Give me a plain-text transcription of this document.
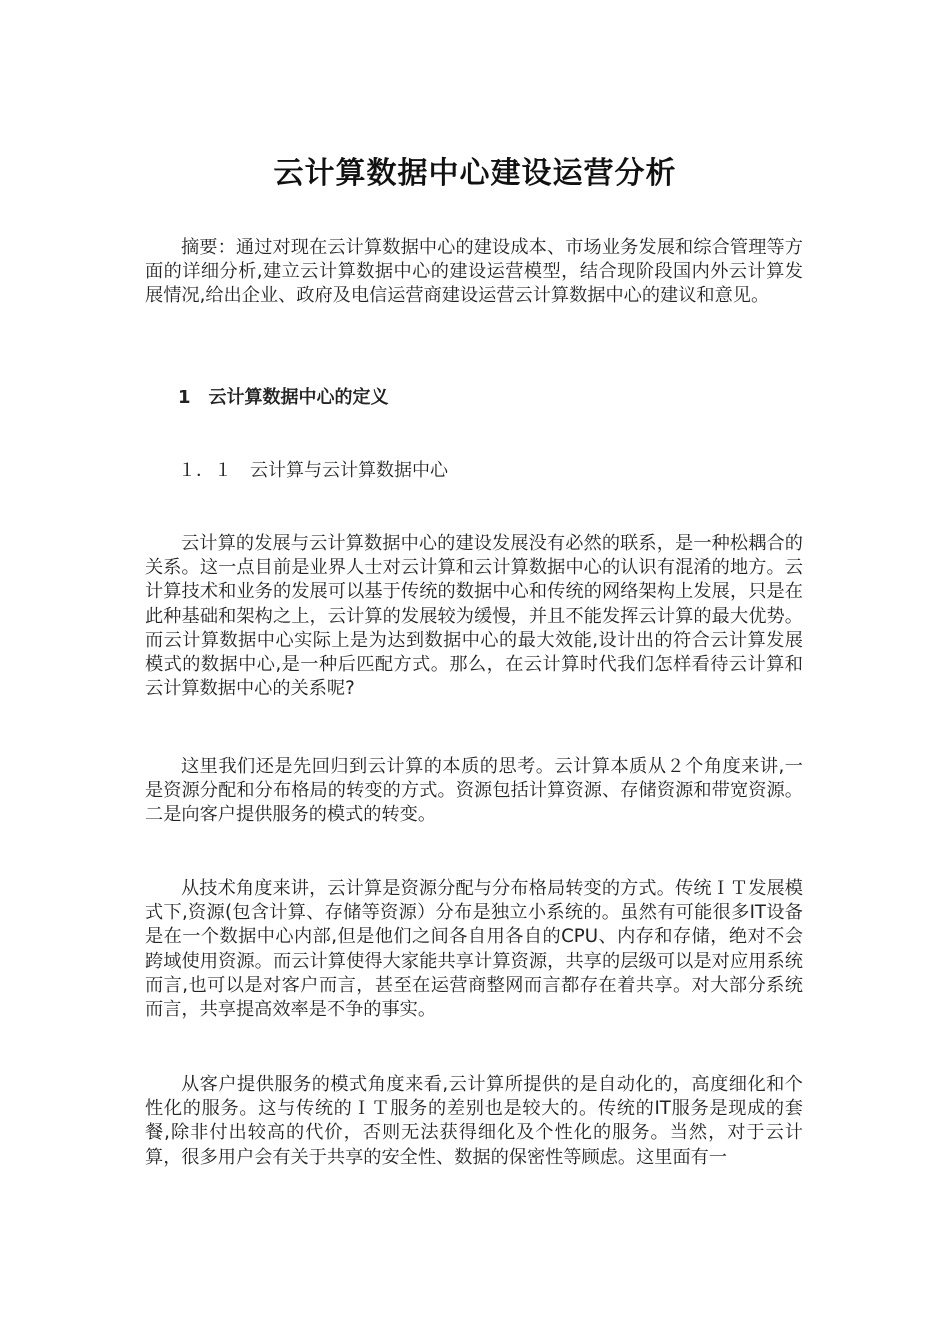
云计算数据中心建设运营分析

摘要：通过对现在云计算数据中心的建设成本、市场业务发展和综合管理等方面的详细分析,建立云计算数据中心的建设运营模型，结合现阶段国内外云计算发展情况,给出企业、政府及电信运营商建设运营云计算数据中心的建议和意见。

1　云计算数据中心的定义
１．１　云计算与云计算数据中心

云计算的发展与云计算数据中心的建设发展没有必然的联系，是一种松耦合的关系。这一点目前是业界人士对云计算和云计算数据中心的认识有混淆的地方。云计算技术和业务的发展可以基于传统的数据中心和传统的网络架构上发展，只是在此种基础和架构之上，云计算的发展较为缓慢，并且不能发挥云计算的最大优势。而云计算数据中心实际上是为达到数据中心的最大效能,设计出的符合云计算发展模式的数据中心,是一种后匹配方式。那么，在云计算时代我们怎样看待云计算和云计算数据中心的关系呢?

这里我们还是先回归到云计算的本质的思考。云计算本质从２个角度来讲,一是资源分配和分布格局的转变的方式。资源包括计算资源、存储资源和带宽资源。二是向客户提供服务的模式的转变。

从技术角度来讲，云计算是资源分配与分布格局转变的方式。传统ＩＴ发展模式下,资源(包含计算、存储等资源）分布是独立小系统的。虽然有可能很多IT设备是在一个数据中心内部,但是他们之间各自用各自的CPU、内存和存储，绝对不会跨域使用资源。而云计算使得大家能共享计算资源，共享的层级可以是对应用系统而言,也可以是对客户而言，甚至在运营商整网而言都存在着共享。对大部分系统而言，共享提高效率是不争的事实。

从客户提供服务的模式角度来看,云计算所提供的是自动化的，高度细化和个性化的服务。这与传统的ＩＴ服务的差别也是较大的。传统的IT服务是现成的套餐,除非付出较高的代价，否则无法获得细化及个性化的服务。当然，对于云计算，很多用户会有关于共享的安全性、数据的保密性等顾虑。这里面有一
